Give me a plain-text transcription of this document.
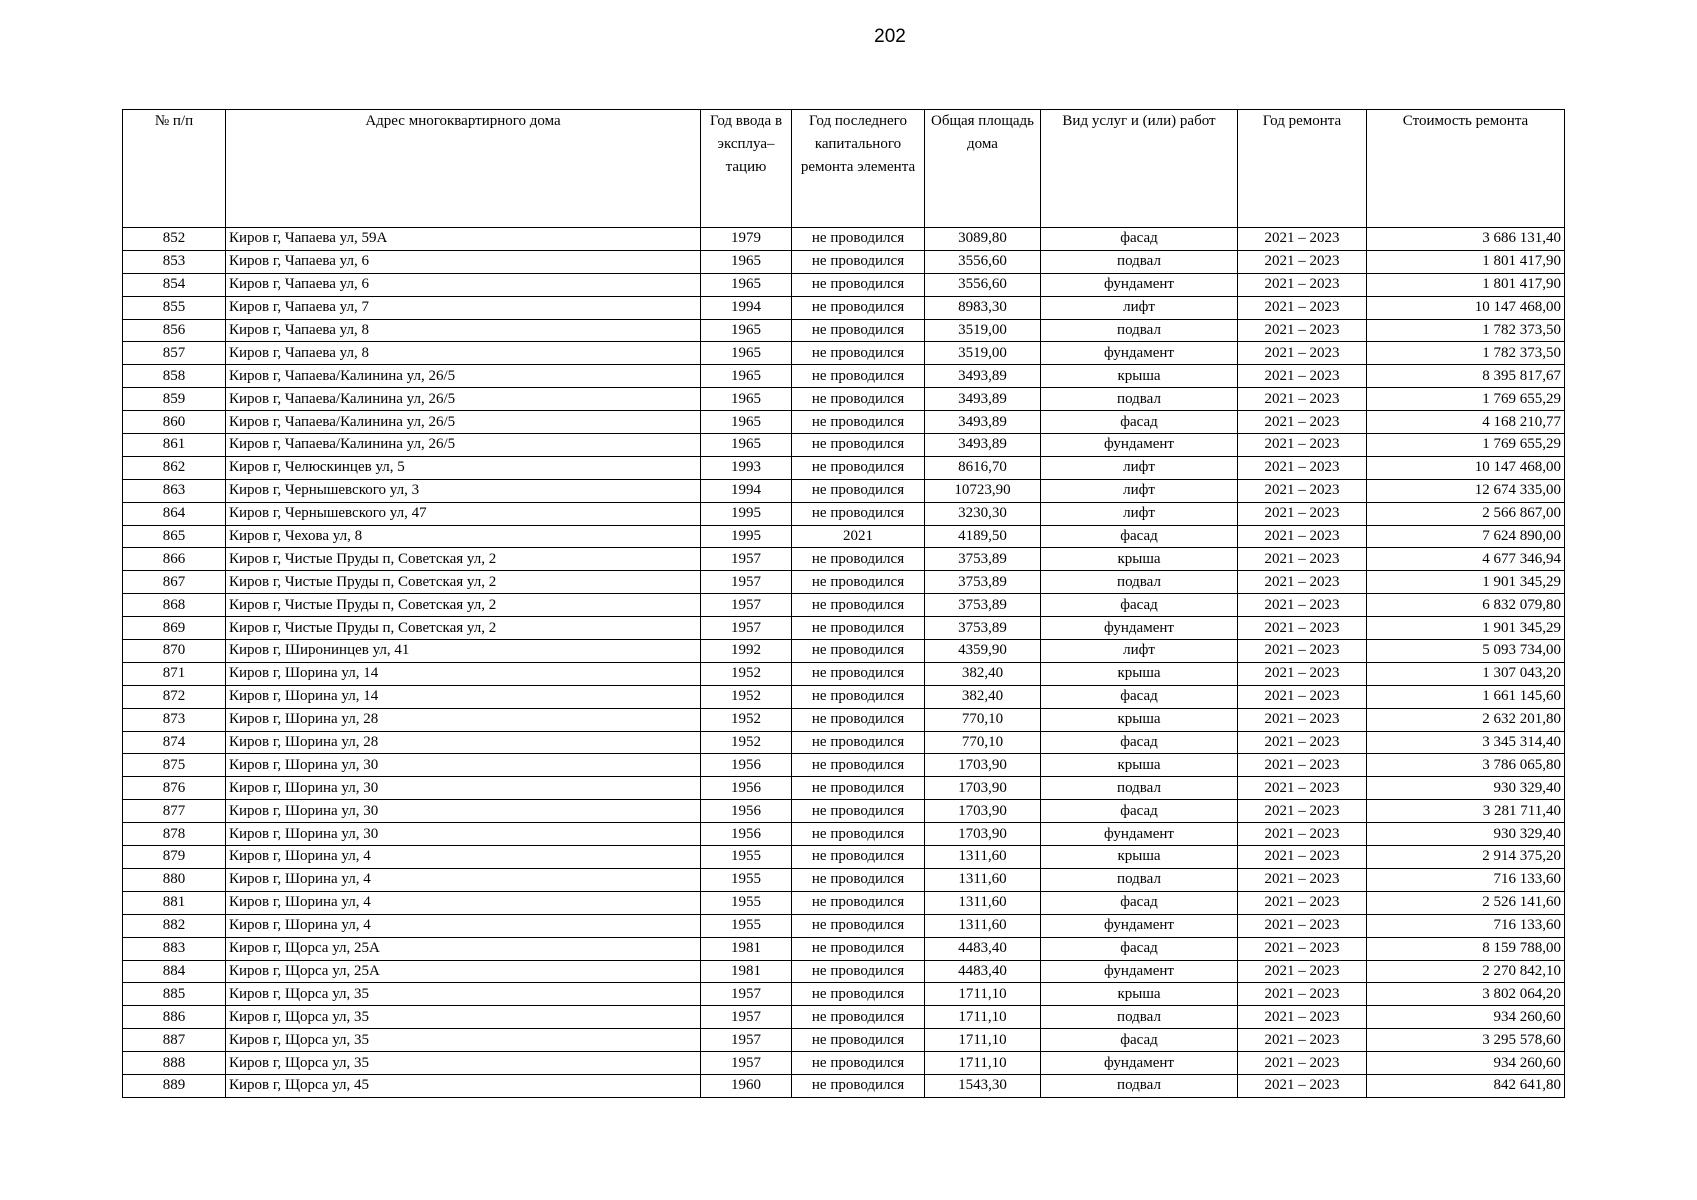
202
№ п/п	Адрес многоквартирного дома	Год ввода в эксплуа– тацию	Год последнего капитального ремонта элемента	Общая площадь дома	Вид услуг и (или) работ	Год ремонта	Стоимость ремонта
852	Киров г, Чапаева ул, 59А	1979	не проводился	3089,80	фасад	2021 – 2023	3 686 131,40
853	Киров г, Чапаева ул, 6	1965	не проводился	3556,60	подвал	2021 – 2023	1 801 417,90
854	Киров г, Чапаева ул, 6	1965	не проводился	3556,60	фундамент	2021 – 2023	1 801 417,90
855	Киров г, Чапаева ул, 7	1994	не проводился	8983,30	лифт	2021 – 2023	10 147 468,00
856	Киров г, Чапаева ул, 8	1965	не проводился	3519,00	подвал	2021 – 2023	1 782 373,50
857	Киров г, Чапаева ул, 8	1965	не проводился	3519,00	фундамент	2021 – 2023	1 782 373,50
858	Киров г, Чапаева/Калинина ул, 26/5	1965	не проводился	3493,89	крыша	2021 – 2023	8 395 817,67
859	Киров г, Чапаева/Калинина ул, 26/5	1965	не проводился	3493,89	подвал	2021 – 2023	1 769 655,29
860	Киров г, Чапаева/Калинина ул, 26/5	1965	не проводился	3493,89	фасад	2021 – 2023	4 168 210,77
861	Киров г, Чапаева/Калинина ул, 26/5	1965	не проводился	3493,89	фундамент	2021 – 2023	1 769 655,29
862	Киров г, Челюскинцев ул, 5	1993	не проводился	8616,70	лифт	2021 – 2023	10 147 468,00
863	Киров г, Чернышевского ул, 3	1994	не проводился	10723,90	лифт	2021 – 2023	12 674 335,00
864	Киров г, Чернышевского ул, 47	1995	не проводился	3230,30	лифт	2021 – 2023	2 566 867,00
865	Киров г, Чехова ул, 8	1995	2021	4189,50	фасад	2021 – 2023	7 624 890,00
866	Киров г, Чистые Пруды п, Советская ул, 2	1957	не проводился	3753,89	крыша	2021 – 2023	4 677 346,94
867	Киров г, Чистые Пруды п, Советская ул, 2	1957	не проводился	3753,89	подвал	2021 – 2023	1 901 345,29
868	Киров г, Чистые Пруды п, Советская ул, 2	1957	не проводился	3753,89	фасад	2021 – 2023	6 832 079,80
869	Киров г, Чистые Пруды п, Советская ул, 2	1957	не проводился	3753,89	фундамент	2021 – 2023	1 901 345,29
870	Киров г, Широнинцев ул, 41	1992	не проводился	4359,90	лифт	2021 – 2023	5 093 734,00
871	Киров г, Шорина ул, 14	1952	не проводился	382,40	крыша	2021 – 2023	1 307 043,20
872	Киров г, Шорина ул, 14	1952	не проводился	382,40	фасад	2021 – 2023	1 661 145,60
873	Киров г, Шорина ул, 28	1952	не проводился	770,10	крыша	2021 – 2023	2 632 201,80
874	Киров г, Шорина ул, 28	1952	не проводился	770,10	фасад	2021 – 2023	3 345 314,40
875	Киров г, Шорина ул, 30	1956	не проводился	1703,90	крыша	2021 – 2023	3 786 065,80
876	Киров г, Шорина ул, 30	1956	не проводился	1703,90	подвал	2021 – 2023	930 329,40
877	Киров г, Шорина ул, 30	1956	не проводился	1703,90	фасад	2021 – 2023	3 281 711,40
878	Киров г, Шорина ул, 30	1956	не проводился	1703,90	фундамент	2021 – 2023	930 329,40
879	Киров г, Шорина ул, 4	1955	не проводился	1311,60	крыша	2021 – 2023	2 914 375,20
880	Киров г, Шорина ул, 4	1955	не проводился	1311,60	подвал	2021 – 2023	716 133,60
881	Киров г, Шорина ул, 4	1955	не проводился	1311,60	фасад	2021 – 2023	2 526 141,60
882	Киров г, Шорина ул, 4	1955	не проводился	1311,60	фундамент	2021 – 2023	716 133,60
883	Киров г, Щорса ул, 25А	1981	не проводился	4483,40	фасад	2021 – 2023	8 159 788,00
884	Киров г, Щорса ул, 25А	1981	не проводился	4483,40	фундамент	2021 – 2023	2 270 842,10
885	Киров г, Щорса ул, 35	1957	не проводился	1711,10	крыша	2021 – 2023	3 802 064,20
886	Киров г, Щорса ул, 35	1957	не проводился	1711,10	подвал	2021 – 2023	934 260,60
887	Киров г, Щорса ул, 35	1957	не проводился	1711,10	фасад	2021 – 2023	3 295 578,60
888	Киров г, Щорса ул, 35	1957	не проводился	1711,10	фундамент	2021 – 2023	934 260,60
889	Киров г, Щорса ул, 45	1960	не проводился	1543,30	подвал	2021 – 2023	842 641,80
